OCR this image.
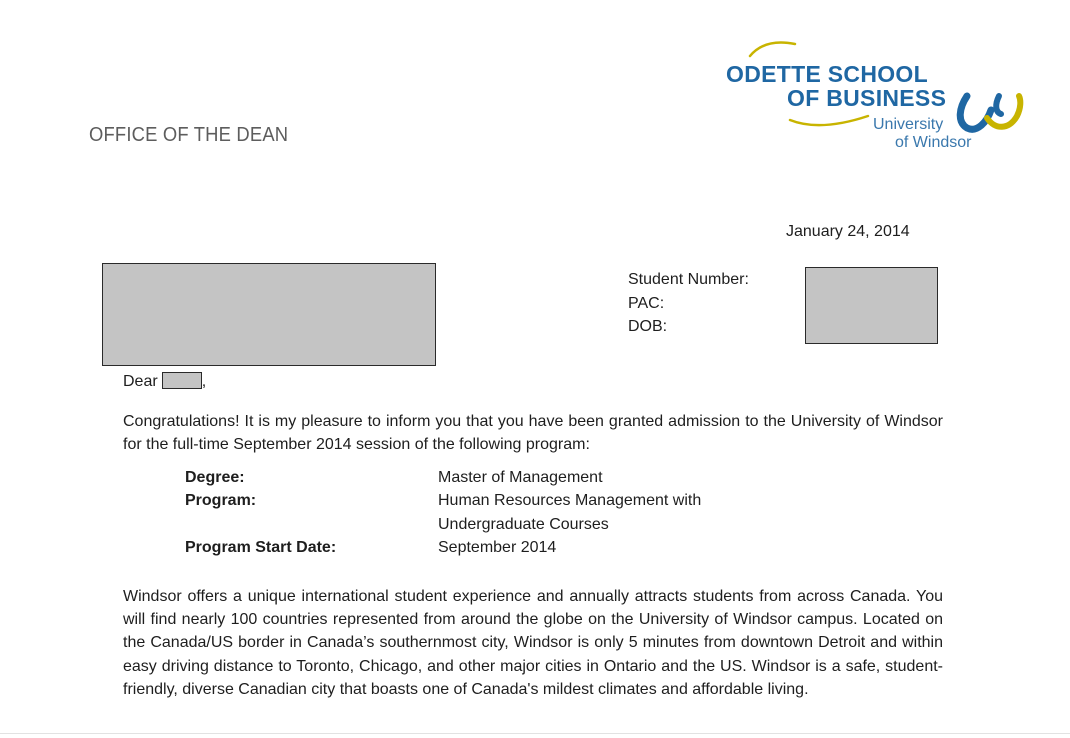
OFFICE OF THE DEAN
ODETTE SCHOOL
OF BUSINESS
University
of Windsor
January 24, 2014
Student Number:
PAC:
DOB:
Dear	,
Congratulations! It is my pleasure to inform you that you have been granted admission to the University of Windsor for the full-time September 2014 session of the following program:
Degree:	Master of Management
Program:	Human Resources Management with Undergraduate Courses
Program Start Date:	September 2014
Windsor offers a unique international student experience and annually attracts students from across Canada. You will find nearly 100 countries represented from around the globe on the University of Windsor campus. Located on the Canada/US border in Canada’s southernmost city, Windsor is only 5 minutes from downtown Detroit and within easy driving distance to Toronto, Chicago, and other major cities in Ontario and the US. Windsor is a safe, student-friendly, diverse Canadian city that boasts one of Canada's mildest climates and affordable living.
